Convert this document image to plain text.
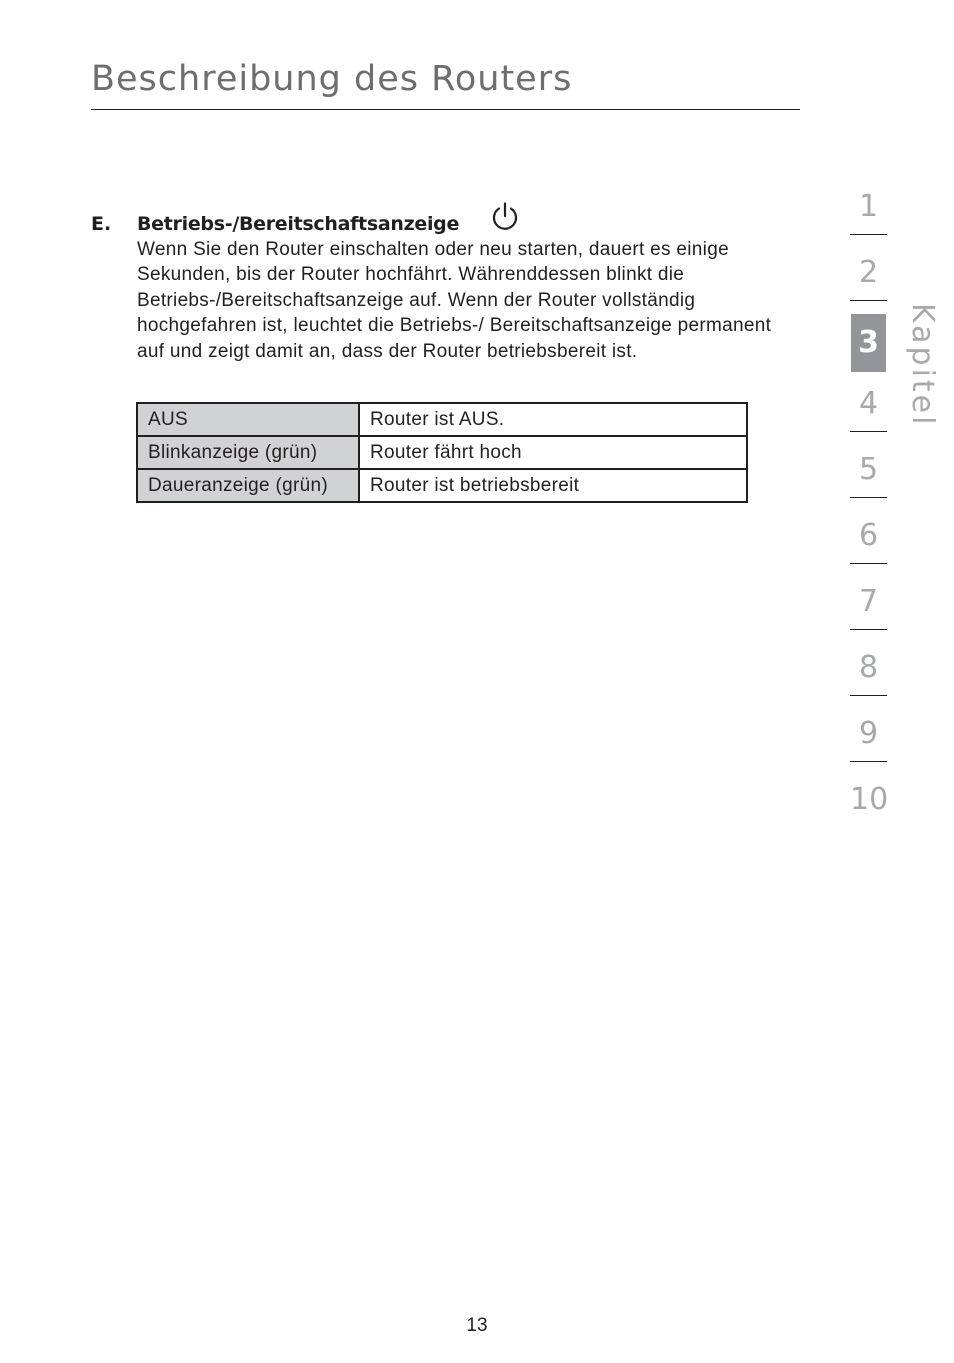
Beschreibung des Routers
E.	Betriebs-/Bereitschaftsanzeige

Wenn Sie den Router einschalten oder neu starten, dauert es einige Sekunden, bis der Router hochfährt. Währenddessen blinkt die Betriebs-/Bereitschaftsanzeige auf. Wenn der Router vollständig hochgefahren ist, leuchtet die Betriebs-/ Bereitschaftsanzeige permanent auf und zeigt damit an, dass der Router betriebsbereit ist.

AUS	Router ist AUS.
Blinkanzeige (grün)	Router fährt hoch
Daueranzeige (grün)	Router ist betriebsbereit
1
2
3
4
5
6
7
8
9
10
Kapitel
13
